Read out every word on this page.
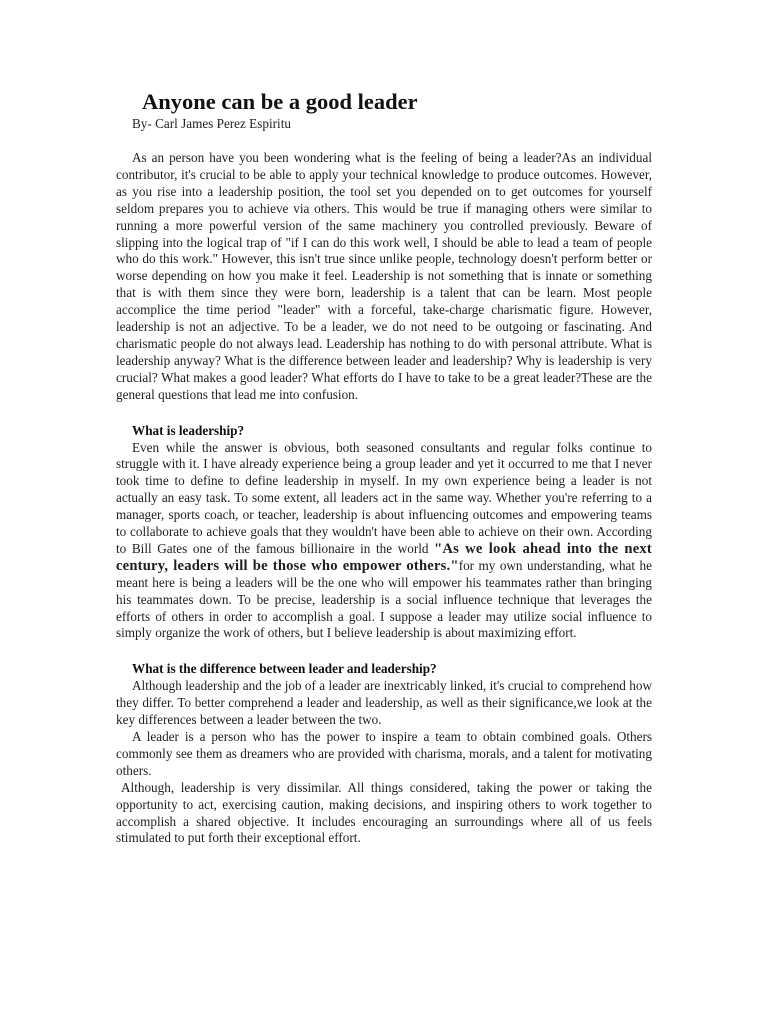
Anyone can be a good leader
By- Carl James Perez Espiritu

As an person have you been wondering what is the feeling of being a leader?As an individual contributor, it's crucial to be able to apply your technical knowledge to produce outcomes. However, as you rise into a leadership position, the tool set you depended on to get outcomes for yourself seldom prepares you to achieve via others. This would be true if managing others were similar to running a more powerful version of the same machinery you controlled previously. Beware of slipping into the logical trap of "if I can do this work well, I should be able to lead a team of people who do this work." However, this isn't true since unlike people, technology doesn't perform better or worse depending on how you make it feel. Leadership is not something that is innate or something that is with them since they were born, leadership is a talent that can be learn. Most people accomplice the time period "leader" with a forceful, take-charge charismatic figure. However, leadership is not an adjective. To be a leader, we do not need to be outgoing or fascinating. And charismatic people do not always lead. Leadership has nothing to do with personal attribute. What is leadership anyway? What is the difference between leader and leadership? Why is leadership is very crucial? What makes a good leader? What efforts do I have to take to be a great leader?These are the general questions that lead me into confusion.

What is leadership?

Even while the answer is obvious, both seasoned consultants and regular folks continue to struggle with it. I have already experience being a group leader and yet it occurred to me that I never took time to define to define leadership in myself. In my own experience being a leader is not actually an easy task. To some extent, all leaders act in the same way. Whether you're referring to a manager, sports coach, or teacher, leadership is about influencing outcomes and empowering teams to collaborate to achieve goals that they wouldn't have been able to achieve on their own. According to Bill Gates one of the famous billionaire in the world "As we look ahead into the next century, leaders will be those who empower others."for my own understanding, what he meant here is being a leaders will be the one who will empower his teammates rather than bringing his teammates down. To be precise, leadership is a social influence technique that leverages the efforts of others in order to accomplish a goal. I suppose a leader may utilize social influence to simply organize the work of others, but I believe leadership is about maximizing effort.

What is the difference between leader and leadership?

Although leadership and the job of a leader are inextricably linked, it's crucial to comprehend how they differ. To better comprehend a leader and leadership, as well as their significance,we look at the key differences between a leader between the two.

A leader is a person who has the power to inspire a team to obtain combined goals. Others commonly see them as dreamers who are provided with charisma, morals, and a talent for motivating others.

Although, leadership is very dissimilar. All things considered, taking the power or taking the opportunity to act, exercising caution, making decisions, and inspiring others to work together to accomplish a shared objective. It includes encouraging an surroundings where all of us feels stimulated to put forth their exceptional effort.
